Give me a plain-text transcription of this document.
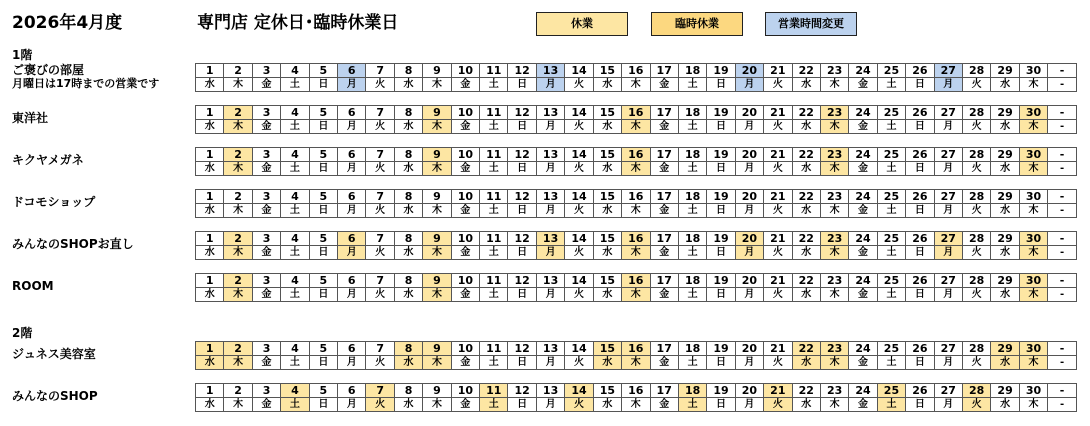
2026年4月度	専門店 定休日･臨時休業日	休業	臨時休業	営業時間変更
1階
ご褒びの部屋
月曜日は17時までの営業です
1	2	3	4	5	6	7	8	9	10	11	12	13	14	15	16	17	18	19	20	21	22	23	24	25	26	27	28	29	30	-
水	木	金	土	日	月	火	水	木	金	土	日	月	火	水	木	金	土	日	月	火	水	木	金	土	日	月	火	水	木	-
東洋社	1	2	3	4	5	6	7	8	9	10	11	12	13	14	15	16	17	18	19	20	21	22	23	24	25	26	27	28	29	30	-
水	木	金	土	日	月	火	水	木	金	土	日	月	火	水	木	金	土	日	月	火	水	木	金	土	日	月	火	水	木	-
キクヤメガネ	1	2	3	4	5	6	7	8	9	10	11	12	13	14	15	16	17	18	19	20	21	22	23	24	25	26	27	28	29	30	-
水	木	金	土	日	月	火	水	木	金	土	日	月	火	水	木	金	土	日	月	火	水	木	金	土	日	月	火	水	木	-
ドコモショップ	1	2	3	4	5	6	7	8	9	10	11	12	13	14	15	16	17	18	19	20	21	22	23	24	25	26	27	28	29	30	-
水	木	金	土	日	月	火	水	木	金	土	日	月	火	水	木	金	土	日	月	火	水	木	金	土	日	月	火	水	木	-
みんなのSHOPお直し	1	2	3	4	5	6	7	8	9	10	11	12	13	14	15	16	17	18	19	20	21	22	23	24	25	26	27	28	29	30	-
水	木	金	土	日	月	火	水	木	金	土	日	月	火	水	木	金	土	日	月	火	水	木	金	土	日	月	火	水	木	-
ROOM	1	2	3	4	5	6	7	8	9	10	11	12	13	14	15	16	17	18	19	20	21	22	23	24	25	26	27	28	29	30	-
水	木	金	土	日	月	火	水	木	金	土	日	月	火	水	木	金	土	日	月	火	水	木	金	土	日	月	火	水	木	-
2階
ジュネス美容室	1	2	3	4	5	6	7	8	9	10	11	12	13	14	15	16	17	18	19	20	21	22	23	24	25	26	27	28	29	30	-
水	木	金	土	日	月	火	水	木	金	土	日	月	火	水	木	金	土	日	月	火	水	木	金	土	日	月	火	水	木	-
みんなのSHOP	1	2	3	4	5	6	7	8	9	10	11	12	13	14	15	16	17	18	19	20	21	22	23	24	25	26	27	28	29	30	-
水	木	金	土	日	月	火	水	木	金	土	日	月	火	水	木	金	土	日	月	火	水	木	金	土	日	月	火	水	木	-
